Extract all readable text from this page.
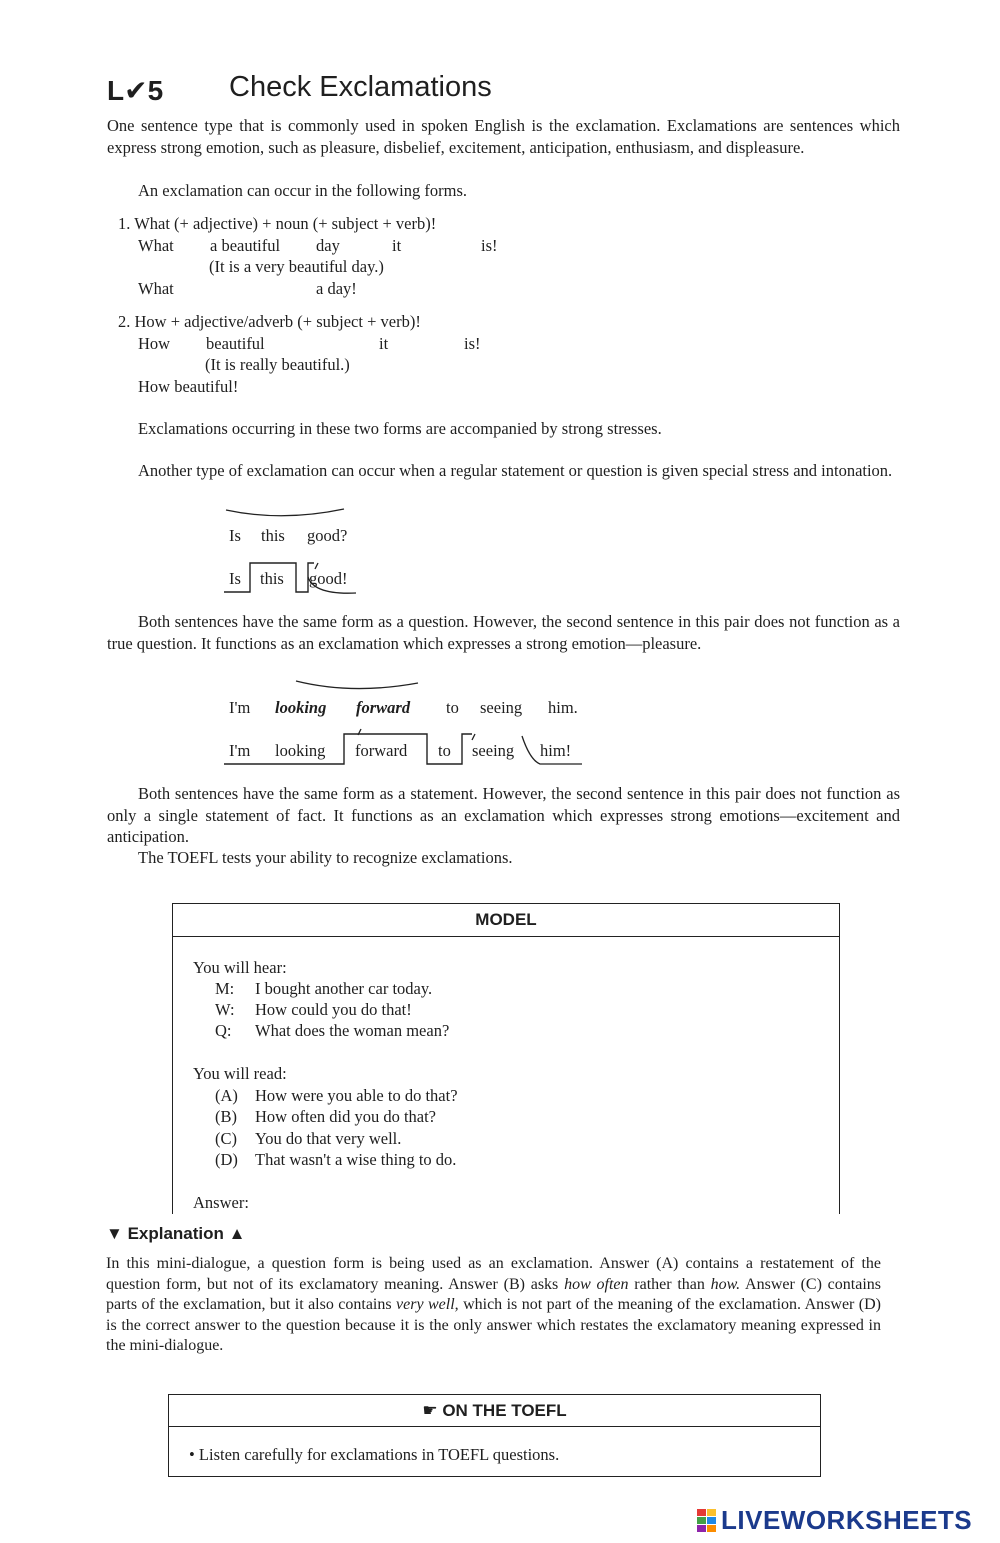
L✔5 Check Exclamations
One sentence type that is commonly used in spoken English is the exclamation. Exclamations are sentences which express strong emotion, such as pleasure, disbelief, excitement, anticipation, enthusiasm, and displeasure.
An exclamation can occur in the following forms.
1. What (+ adjective) + noun (+ subject + verb)!
What a beautiful day	it	is!
(It is a very beautiful day.)
What	a day!
2. How + adjective/adverb (+ subject + verb)!
How beautiful	it	is!
(It is really beautiful.)
How beautiful!
Exclamations occurring in these two forms are accompanied by strong stresses.
Another type of exclamation can occur when a regular statement or question is given special stress and intonation.
Is this good?
Is this good!
Both sentences have the same form as a question. However, the second sentence in this pair does not function as a true question. It functions as an exclamation which expresses a strong emotion—pleasure.
I'm looking forward to seeing him.
I'm looking forward to seeing him!
Both sentences have the same form as a statement. However, the second sentence in this pair does not function as only a single statement of fact. It functions as an exclamation which expresses strong emotions—excitement and anticipation.
The TOEFL tests your ability to recognize exclamations.
MODEL
You will hear:
M: I bought another car today.
W: How could you do that!
Q: What does the woman mean?
You will read:
(A) How were you able to do that?
(B) How often did you do that?
(C) You do that very well.
(D) That wasn't a wise thing to do.
Answer:
▼ Explanation ▲
In this mini-dialogue, a question form is being used as an exclamation. Answer (A) contains a restatement of the question form, but not of its exclamatory meaning. Answer (B) asks how often rather than how. Answer (C) contains parts of the exclamation, but it also contains very well, which is not part of the meaning of the exclamation. Answer (D) is the correct answer to the question because it is the only answer which restates the exclamatory meaning expressed in the mini-dialogue.
☛ ON THE TOEFL
• Listen carefully for exclamations in TOEFL questions.
LIVEWORKSHEETS
